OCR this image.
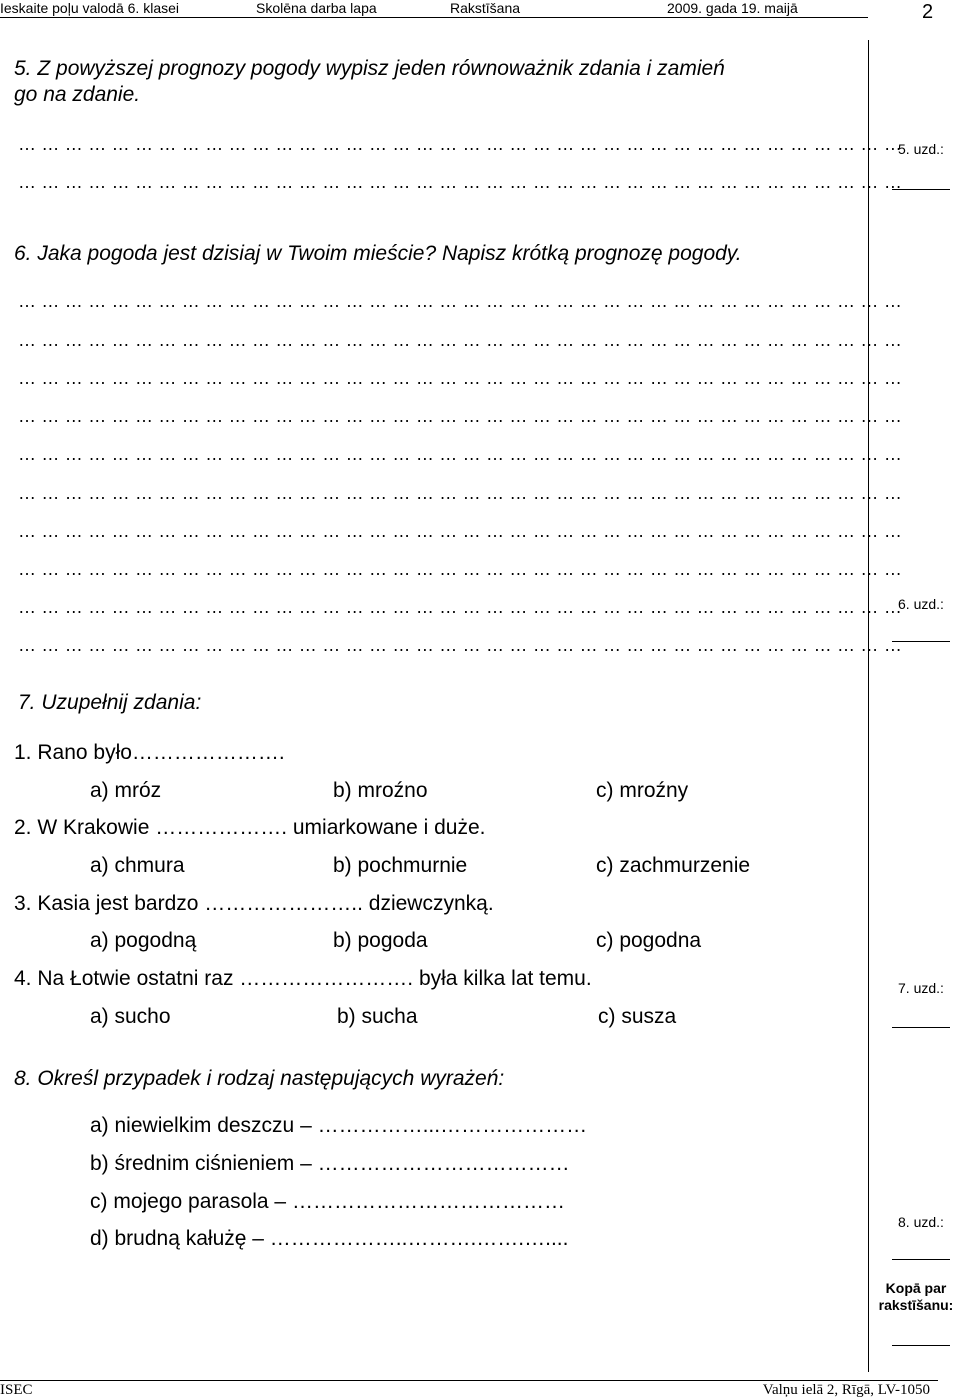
Ieskaite poļu valodā 6. klasei	Skolēna darba lapa	Rakstīšana	2009. gada 19. maijā	2
5. Z powyższej prognozy pogody wypisz jeden równoważnik zdania i zamień
go na zdanie.
… … … … … … … … … … … … … … … … … … … … … … … … … … … … … … … … … … … … … …
… … … … … … … … … … … … … … … … … … … … … … … … … … … … … … … … … … … … … …
5. uzd.:
6. Jaka pogoda jest dzisiaj w Twoim mieście? Napisz krótką prognozę pogody.
… … … … … … … … … … … … … … … … … … … … … … … … … … … … … … … … … … … … … …
… … … … … … … … … … … … … … … … … … … … … … … … … … … … … … … … … … … … … …
… … … … … … … … … … … … … … … … … … … … … … … … … … … … … … … … … … … … … …
… … … … … … … … … … … … … … … … … … … … … … … … … … … … … … … … … … … … … …
… … … … … … … … … … … … … … … … … … … … … … … … … … … … … … … … … … … … … …
… … … … … … … … … … … … … … … … … … … … … … … … … … … … … … … … … … … … … …
… … … … … … … … … … … … … … … … … … … … … … … … … … … … … … … … … … … … … …
… … … … … … … … … … … … … … … … … … … … … … … … … … … … … … … … … … … … … …
… … … … … … … … … … … … … … … … … … … … … … … … … … … … … … … … … … … … … …
… … … … … … … … … … … … … … … … … … … … … … … … … … … … … … … … … … … … … …
6. uzd.:
7. Uzupełnij zdania:
1. Rano było………………….
a) mróz	b) mroźno	c) mroźny
2. W Krakowie ………………. umiarkowane i duże.
a) chmura	b) pochmurnie	c) zachmurzenie
3. Kasia jest bardzo ………………….. dziewczynką.
a) pogodną	b) pogoda	c) pogodna
4. Na Łotwie ostatni raz ……………………. była kilka lat temu.
a) sucho	b) sucha	c) susza
7. uzd.:
8. Określ przypadek i rodzaj następujących wyrażeń:
a) niewielkim deszczu – ……………...…………………
b) średnim ciśnieniem – ………………………………
c) mojego parasola – …………………………………
d) brudną kałużę – ………………..……….…….…....
8. uzd.:
Kopā par
rakstīšanu:
ISEC	Valņu ielā 2, Rīgā, LV-1050
